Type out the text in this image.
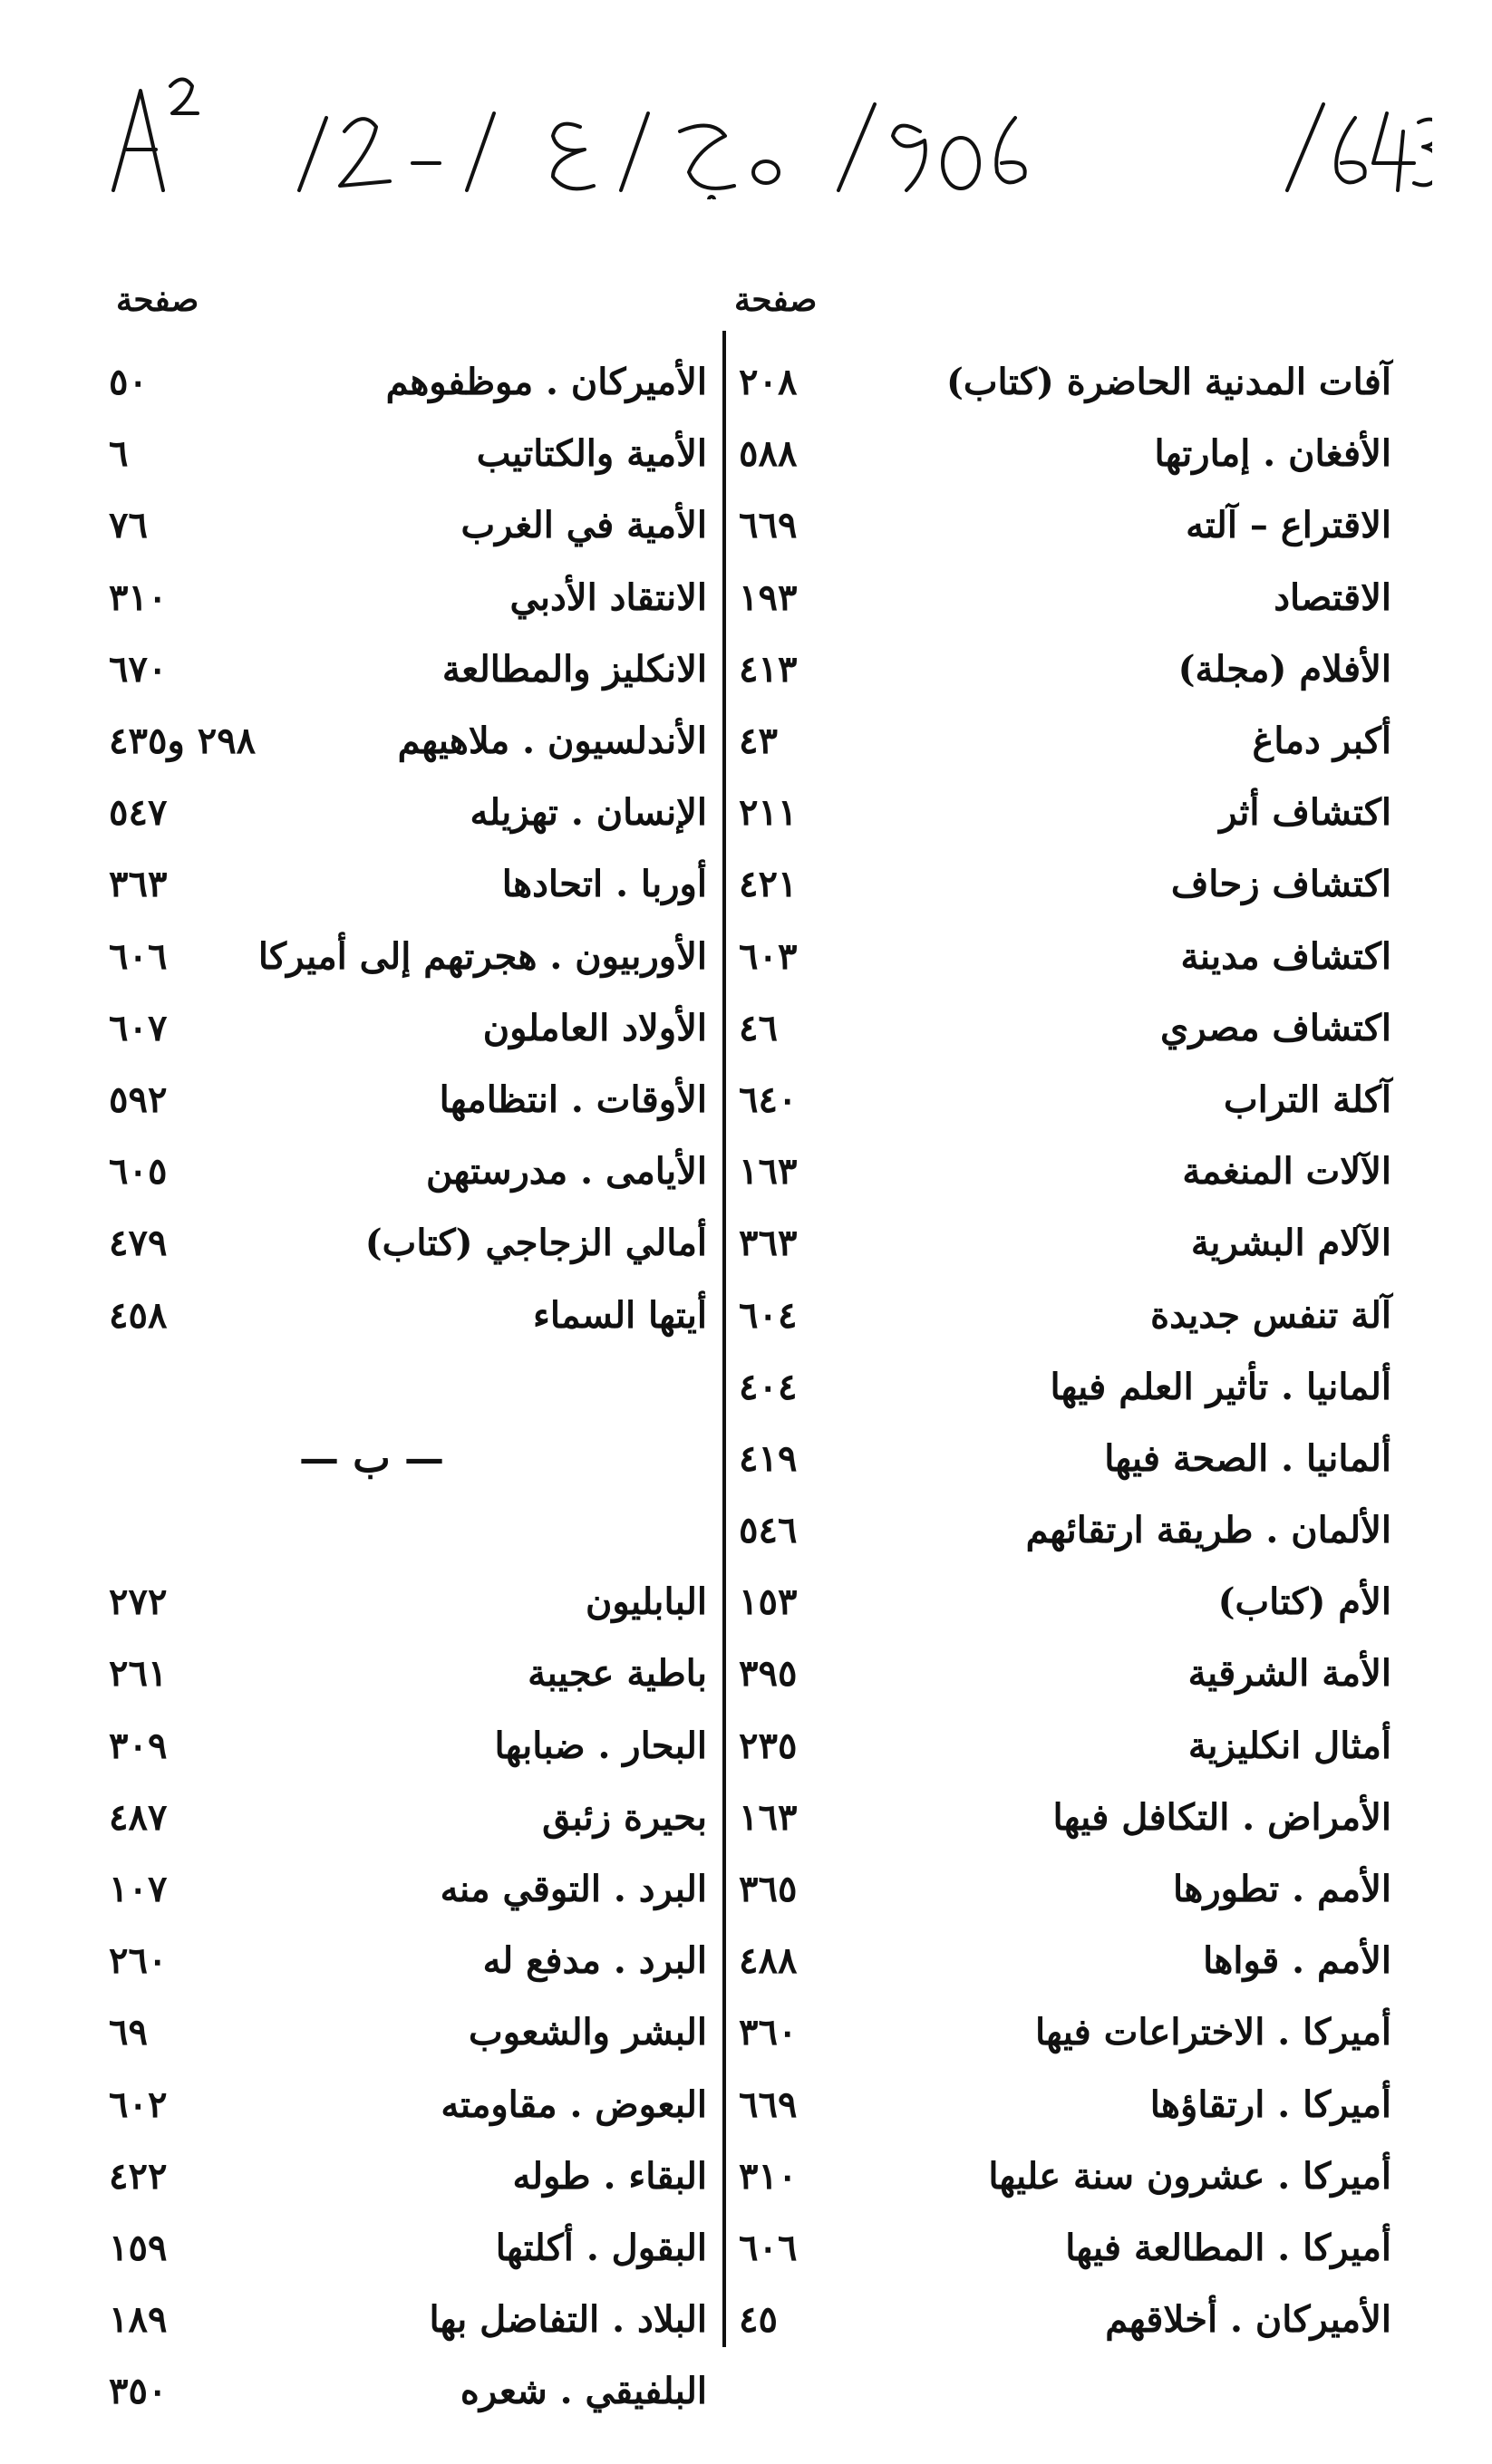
صفحة
صفحة
آفات المدنية الحاضرة (كتاب)
٢٠٨
الأفغان . إمارتها
٥٨٨
الاقتراع – آلته
٦٦٩
الاقتصاد
١٩٣
الأفلام (مجلة)
٤١٣
أكبر دماغ
٤٣
اكتشاف أثر
٢١١
اكتشاف زحاف
٤٢١
اكتشاف مدينة
٦٠٣
اكتشاف مصري
٤٦
آكلة التراب
٦٤٠
الآلات المنغمة
١٦٣
الآلام البشرية
٣٦٣
آلة تنفس جديدة
٦٠٤
ألمانيا . تأثير العلم فيها
٤٠٤
ألمانيا . الصحة فيها
٤١٩
الألمان . طريقة ارتقائهم
٥٤٦
الأم (كتاب)
١٥٣
الأمة الشرقية
٣٩٥
أمثال انكليزية
٢٣٥
الأمراض . التكافل فيها
١٦٣
الأمم . تطورها
٣٦٥
الأمم . قواها
٤٨٨
أميركا . الاختراعات فيها
٣٦٠
أميركا . ارتقاؤها
٦٦٩
أميركا . عشرون سنة عليها
٣١٠
أميركا . المطالعة فيها
٦٠٦
الأميركان . أخلاقهم
٤٥
الأميركان . موظفوهم
٥٠
الأمية والكتاتيب
٦
الأمية في الغرب
٧٦
الانتقاد الأدبي
٣١٠
الانكليز والمطالعة
٦٧٠
الأندلسيون . ملاهيهم
٢٩٨ و٤٣٥
الإنسان . تهزيله
٥٤٧
أوربا . اتحادها
٣٦٣
الأوربيون . هجرتهم إلى أميركا
٦٠٦
الأولاد العاملون
٦٠٧
الأوقات . انتظامها
٥٩٢
الأيامى . مدرستهن
٦٠٥
أمالي الزجاجي (كتاب)
٤٧٩
أيتها السماء
٤٥٨
— ب —
البابليون
٢٧٢
باطية عجيبة
٢٦١
البحار . ضبابها
٣٠٩
بحيرة زئبق
٤٨٧
البرد . التوقي منه
١٠٧
البرد . مدفع له
٢٦٠
البشر والشعوب
٦٩
البعوض . مقاومته
٦٠٢
البقاء . طوله
٤٢٢
البقول . أكلتها
١٥٩
البلاد . التفاضل بها
١٨٩
البلفيقي . شعره
٣٥٠
